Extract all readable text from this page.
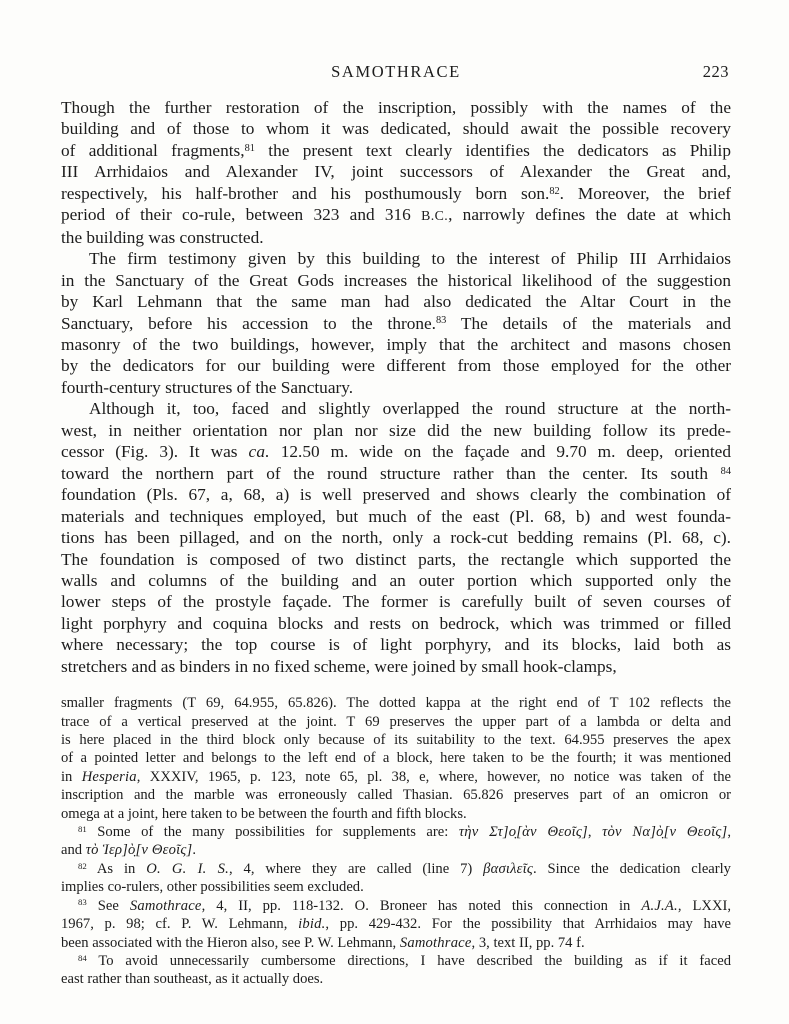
SAMOTHRACE	223
Though the further restoration of the inscription, possibly with the names of the
building and of those to whom it was dedicated, should await the possible recovery
of additional fragments,$^{81}$ the present text clearly identifies the dedicators as Philip
III Arrhidaios and Alexander IV, joint successors of Alexander the Great and,
respectively, his half-brother and his posthumously born son.$^{82}$. Moreover, the brief
period of their co-rule, between 323 and 316 B.C., narrowly defines the date at which
the building was constructed.
The firm testimony given by this building to the interest of Philip III Arrhidaios
in the Sanctuary of the Great Gods increases the historical likelihood of the suggestion
by Karl Lehmann that the same man had also dedicated the Altar Court in the
Sanctuary, before his accession to the throne.$^{83}$ The details of the materials and
masonry of the two buildings, however, imply that the architect and masons chosen
by the dedicators for our building were different from those employed for the other
fourth-century structures of the Sanctuary.
Although it, too, faced and slightly overlapped the round structure at the north-
west, in neither orientation nor plan nor size did the new building follow its prede-
cessor (Fig. 3). It was ca. 12.50 m. wide on the façade and 9.70 m. deep, oriented
toward the northern part of the round structure rather than the center. Its south $^{84}$
foundation (Pls. 67, a, 68, a) is well preserved and shows clearly the combination of
materials and techniques employed, but much of the east (Pl. 68, b) and west founda-
tions has been pillaged, and on the north, only a rock-cut bedding remains (Pl. 68, c).
The foundation is composed of two distinct parts, the rectangle which supported the
walls and columns of the building and an outer portion which supported only the
lower steps of the prostyle façade. The former is carefully built of seven courses of
light porphyry and coquina blocks and rests on bedrock, which was trimmed or filled
where necessary; the top course is of light porphyry, and its blocks, laid both as
stretchers and as binders in no fixed scheme, were joined by small hook-clamps,
smaller fragments (T 69, 64.955, 65.826). The dotted kappa at the right end of T 102 reflects the
trace of a vertical preserved at the joint. T 69 preserves the upper part of a lambda or delta and
is here placed in the third block only because of its suitability to the text. 64.955 preserves the apex
of a pointed letter and belongs to the left end of a block, here taken to be the fourth; it was mentioned
in Hesperia, XXXIV, 1965, p. 123, note 65, pl. 38, e, where, however, no notice was taken of the
inscription and the marble was erroneously called Thasian. 65.826 preserves part of an omicron or
omega at a joint, here taken to be between the fourth and fifth blocks.
$^{81}$ Some of the many possibilities for supplements are: τὴν Στ]ο̣[ὰν Θεοῖς], τὸν Να]ὸ̣[ν Θεοῖς],
and τὸ Ἱερ]ὸ̣[ν Θεοῖς].
$^{82}$ As in O. G. I. S., 4, where they are called (line 7) βασιλεῖς. Since the dedication clearly
implies co-rulers, other possibilities seem excluded.
$^{83}$ See Samothrace, 4, II, pp. 118-132. O. Broneer has noted this connection in A.J.A., LXXI,
1967, p. 98; cf. P. W. Lehmann, ibid., pp. 429-432. For the possibility that Arrhidaios may have
been associated with the Hieron also, see P. W. Lehmann, Samothrace, 3, text II, pp. 74 f.
$^{84}$ To avoid unnecessarily cumbersome directions, I have described the building as if it faced
east rather than southeast, as it actually does.
